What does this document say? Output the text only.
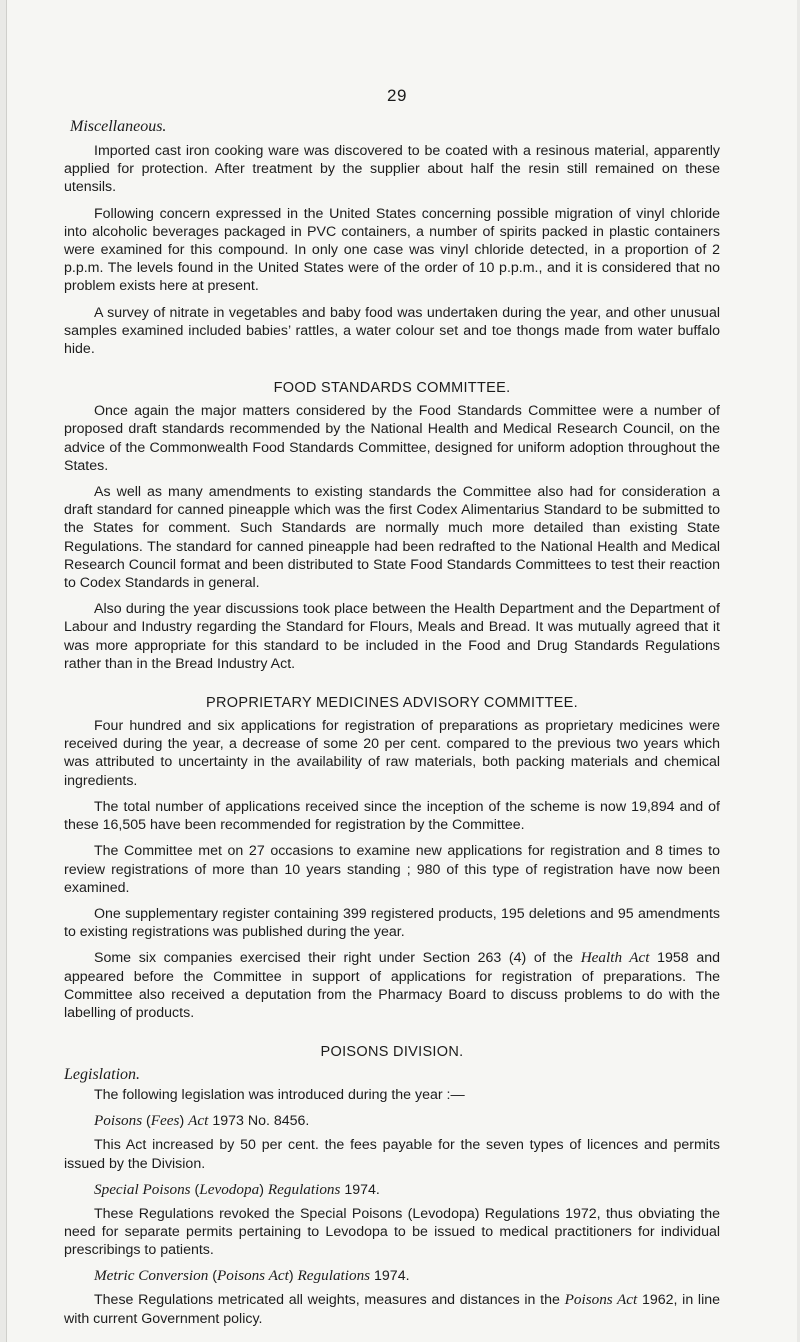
29
Miscellaneous.

Imported cast iron cooking ware was discovered to be coated with a resinous material, apparently applied for protection. After treatment by the supplier about half the resin still remained on these utensils.

Following concern expressed in the United States concerning possible migration of vinyl chloride into alcoholic beverages packaged in PVC containers, a number of spirits packed in plastic containers were examined for this compound. In only one case was vinyl chloride detected, in a proportion of 2 p.p.m. The levels found in the United States were of the order of 10 p.p.m., and it is considered that no problem exists here at present.

A survey of nitrate in vegetables and baby food was undertaken during the year, and other unusual samples examined included babies’ rattles, a water colour set and toe thongs made from water buffalo hide.

FOOD STANDARDS COMMITTEE.

Once again the major matters considered by the Food Standards Committee were a number of proposed draft standards recommended by the National Health and Medical Research Council, on the advice of the Commonwealth Food Standards Committee, designed for uniform adoption throughout the States.

As well as many amendments to existing standards the Committee also had for consideration a draft standard for canned pineapple which was the first Codex Alimentarius Standard to be submitted to the States for comment. Such Standards are normally much more detailed than existing State Regulations. The standard for canned pineapple had been redrafted to the National Health and Medical Research Council format and been distributed to State Food Standards Committees to test their reaction to Codex Standards in general.

Also during the year discussions took place between the Health Department and the Department of Labour and Industry regarding the Standard for Flours, Meals and Bread. It was mutually agreed that it was more appropriate for this standard to be included in the Food and Drug Standards Regulations rather than in the Bread Industry Act.

PROPRIETARY MEDICINES ADVISORY COMMITTEE.

Four hundred and six applications for registration of preparations as proprietary medicines were received during the year, a decrease of some 20 per cent. compared to the previous two years which was attributed to uncertainty in the availability of raw materials, both packing materials and chemical ingredients.

The total number of applications received since the inception of the scheme is now 19,894 and of these 16,505 have been recommended for registration by the Committee.

The Committee met on 27 occasions to examine new applications for registration and 8 times to review registrations of more than 10 years standing ; 980 of this type of registration have now been examined.

One supplementary register containing 399 registered products, 195 deletions and 95 amendments to existing registrations was published during the year.

Some six companies exercised their right under Section 263 (4) of the Health Act 1958 and appeared before the Committee in support of applications for registration of preparations. The Committee also received a deputation from the Pharmacy Board to discuss problems to do with the labelling of products.

POISONS DIVISION.
Legislation.

The following legislation was introduced during the year :—

Poisons (Fees) Act 1973 No. 8456.

This Act increased by 50 per cent. the fees payable for the seven types of licences and permits issued by the Division.

Special Poisons (Levodopa) Regulations 1974.

These Regulations revoked the Special Poisons (Levodopa) Regulations 1972, thus obviating the need for separate permits pertaining to Levodopa to be issued to medical practitioners for individual prescribings to patients.

Metric Conversion (Poisons Act) Regulations 1974.

These Regulations metricated all weights, measures and distances in the Poisons Act 1962, in line with current Government policy.
